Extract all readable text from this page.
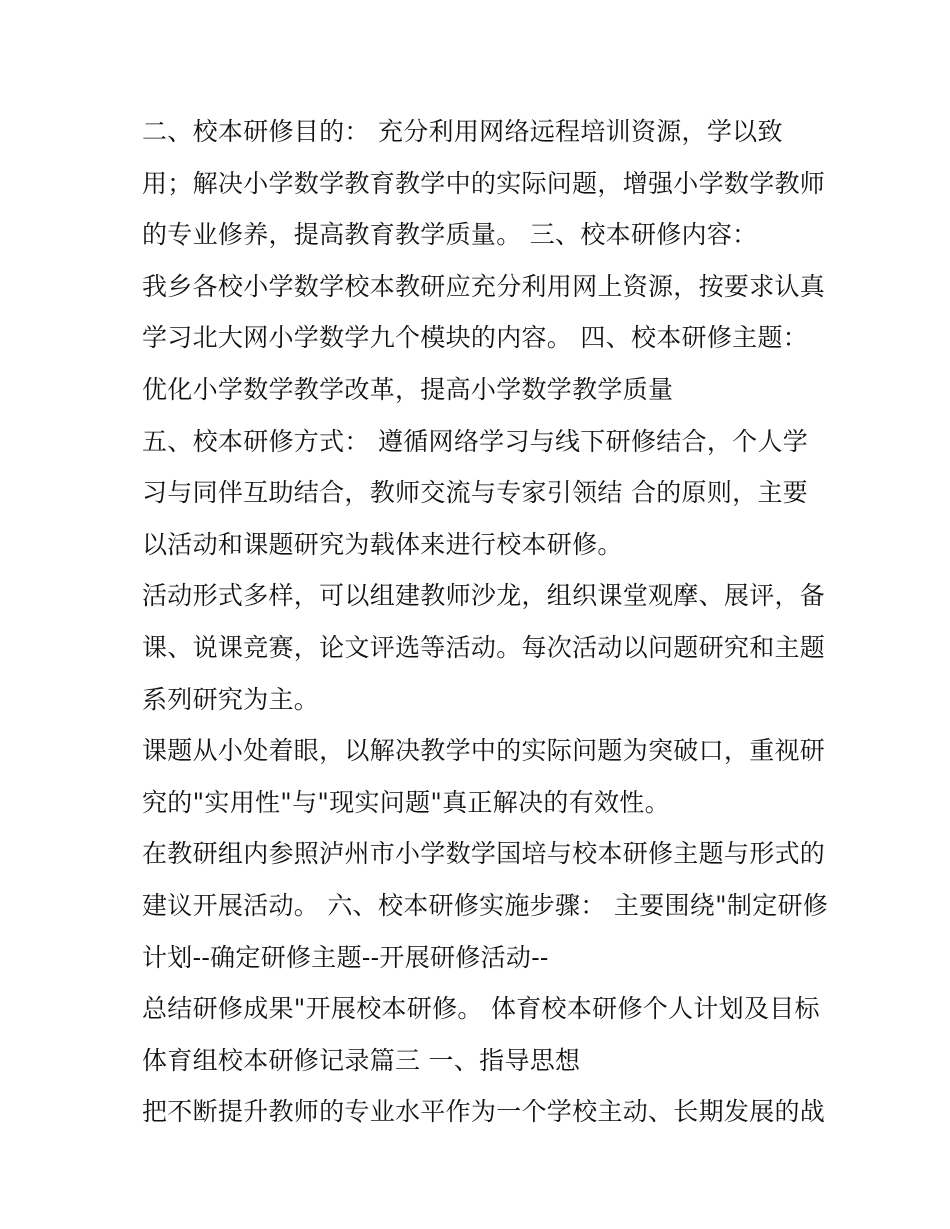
二、校本研修目的： 充分利用网络远程培训资源，学以致
用；解决小学数学教育教学中的实际问题，增强小学数学教师
的专业修养，提高教育教学质量。 三、校本研修内容：
我乡各校小学数学校本教研应充分利用网上资源，按要求认真
学习北大网小学数学九个模块的内容。 四、校本研修主题：
优化小学数学教学改革，提高小学数学教学质量
五、校本研修方式： 遵循网络学习与线下研修结合，个人学
习与同伴互助结合，教师交流与专家引领结 合的原则，主要
以活动和课题研究为载体来进行校本研修。
活动形式多样，可以组建教师沙龙，组织课堂观摩、展评，备
课、说课竞赛，论文评选等活动。每次活动以问题研究和主题
系列研究为主。
课题从小处着眼，以解决教学中的实际问题为突破口，重视研
究的"实用性"与"现实问题"真正解决的有效性。
在教研组内参照泸州市小学数学国培与校本研修主题与形式的
建议开展活动。 六、校本研修实施步骤： 主要围绕"制定研修
计划--确定研修主题--开展研修活动--
总结研修成果"开展校本研修。 体育校本研修个人计划及目标
体育组校本研修记录篇三 一、指导思想
把不断提升教师的专业水平作为一个学校主动、长期发展的战
